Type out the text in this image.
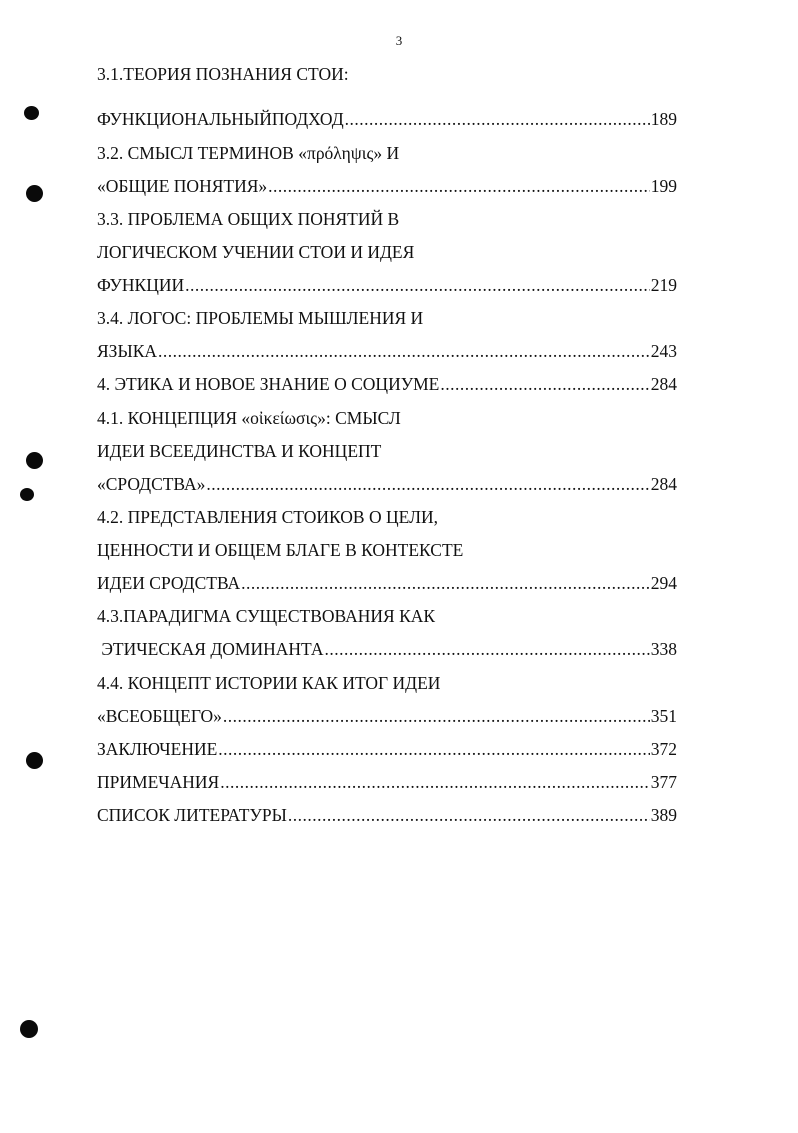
3
3.1.ТЕОРИЯ ПОЗНАНИЯ СТОИ:
ФУНКЦИОНАЛЬНЫЙПОДХОД .....	189
3.2. СМЫСЛ ТЕРМИНОВ «πρόληψις» И
«ОБЩИЕ ПОНЯТИЯ» .....	199
3.3. ПРОБЛЕМА ОБЩИХ ПОНЯТИЙ В
ЛОГИЧЕСКОМ УЧЕНИИ СТОИ И ИДЕЯ
ФУНКЦИИ .....	219
3.4. ЛОГОС: ПРОБЛЕМЫ МЫШЛЕНИЯ И
ЯЗЫКА .....	243
4. ЭТИКА И НОВОЕ ЗНАНИЕ О СОЦИУМЕ .....	284
4.1. КОНЦЕПЦИЯ «οἰκείωσις»: СМЫСЛ
ИДЕИ ВСЕЕДИНСТВА И КОНЦЕПТ
«СРОДСТВА» .....	284
4.2. ПРЕДСТАВЛЕНИЯ СТОИКОВ О ЦЕЛИ,
ЦЕННОСТИ И ОБЩЕМ БЛАГЕ В КОНТЕКСТЕ
ИДЕИ СРОДСТВА .....	294
4.3.ПАРАДИГМА СУЩЕСТВОВАНИЯ КАК
ЭТИЧЕСКАЯ ДОМИНАНТА .....	338
4.4. КОНЦЕПТ ИСТОРИИ КАК ИТОГ ИДЕИ
«ВСЕОБЩЕГО» .....	351
ЗАКЛЮЧЕНИЕ .....	372
ПРИМЕЧАНИЯ .....	377
СПИСОК ЛИТЕРАТУРЫ .....	389
